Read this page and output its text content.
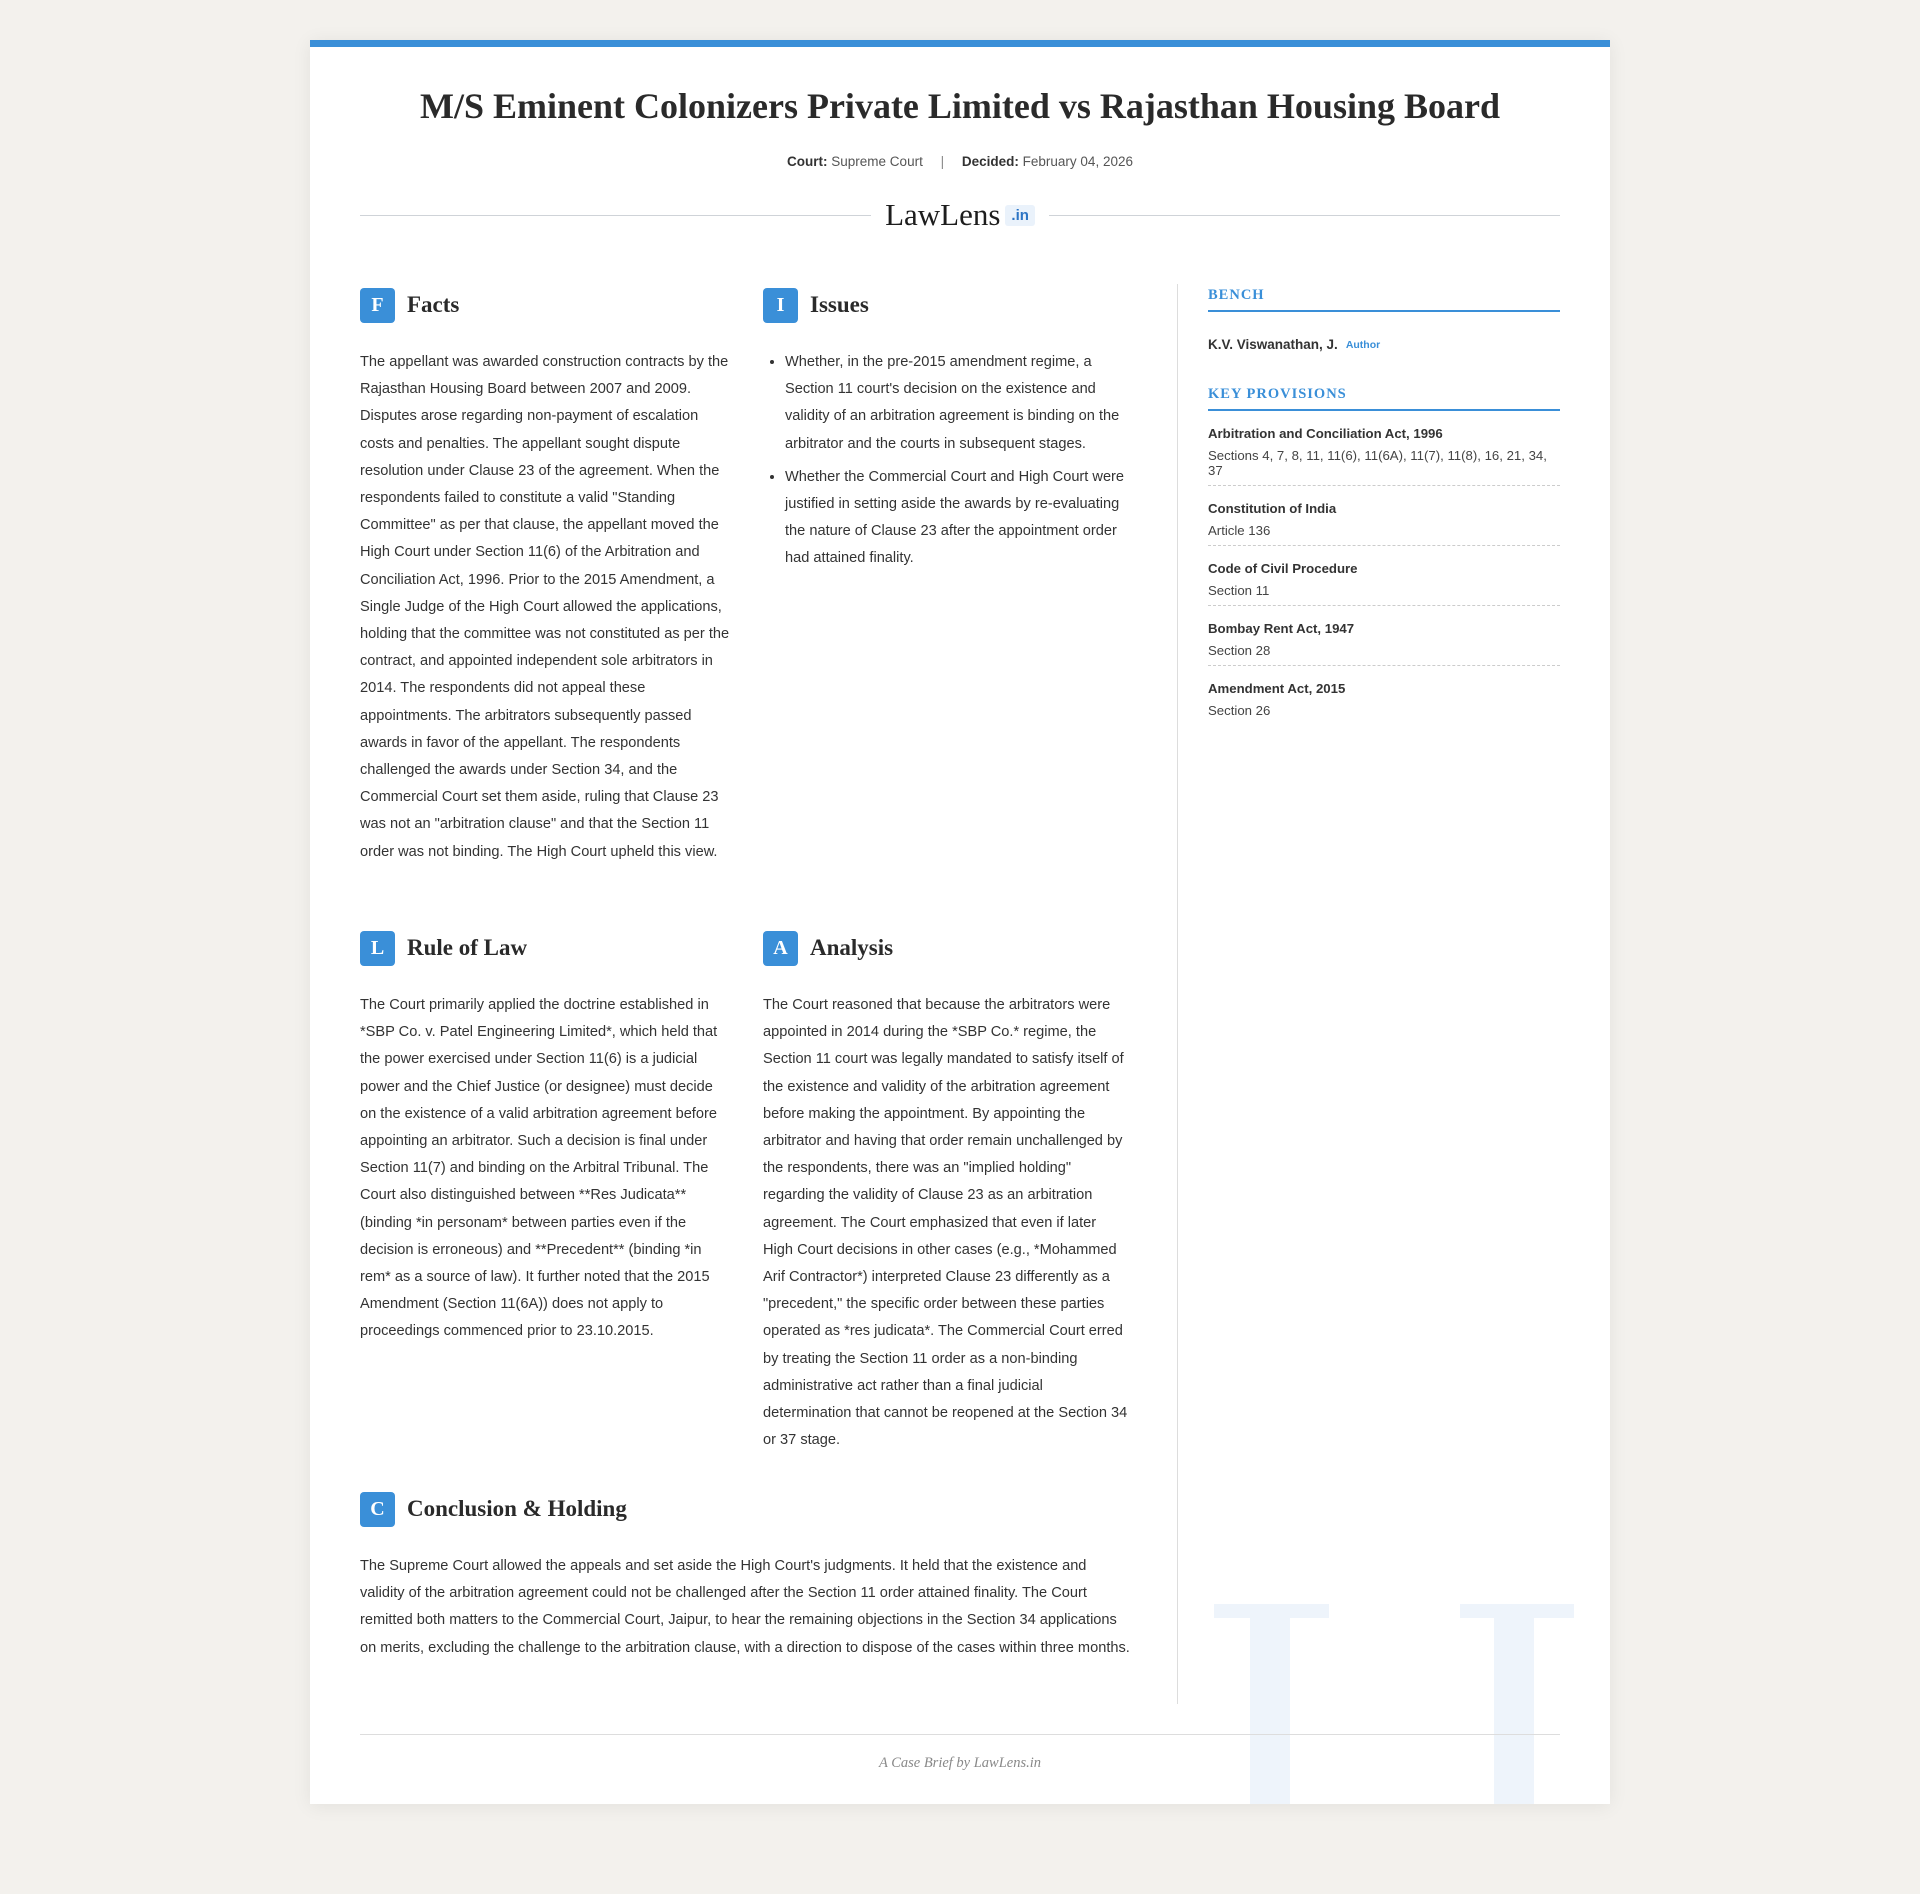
M/S Eminent Colonizers Private Limited vs Rajasthan Housing Board
Court: Supreme Court | Decided: February 04, 2026
LawLens .in
F	Facts
The appellant was awarded construction contracts by the Rajasthan Housing Board between 2007 and 2009. Disputes arose regarding non-payment of escalation costs and penalties. The appellant sought dispute resolution under Clause 23 of the agreement. When the respondents failed to constitute a valid "Standing Committee" as per that clause, the appellant moved the High Court under Section 11(6) of the Arbitration and Conciliation Act, 1996. Prior to the 2015 Amendment, a Single Judge of the High Court allowed the applications, holding that the committee was not constituted as per the contract, and appointed independent sole arbitrators in 2014. The respondents did not appeal these appointments. The arbitrators subsequently passed awards in favor of the appellant. The respondents challenged the awards under Section 34, and the Commercial Court set them aside, ruling that Clause 23 was not an "arbitration clause" and that the Section 11 order was not binding. The High Court upheld this view.
I	Issues
• Whether, in the pre-2015 amendment regime, a Section 11 court's decision on the existence and validity of an arbitration agreement is binding on the arbitrator and the courts in subsequent stages.
• Whether the Commercial Court and High Court were justified in setting aside the awards by re-evaluating the nature of Clause 23 after the appointment order had attained finality.
L Rule of Law
The Court primarily applied the doctrine established in *SBP Co. v. Patel Engineering Limited*, which held that the power exercised under Section 11(6) is a judicial power and the Chief Justice (or designee) must decide on the existence of a valid arbitration agreement before appointing an arbitrator. Such a decision is final under Section 11(7) and binding on the Arbitral Tribunal. The Court also distinguished between **Res Judicata** (binding *in personam* between parties even if the decision is erroneous) and **Precedent** (binding *in rem* as a source of law). It further noted that the 2015 Amendment (Section 11(6A)) does not apply to proceedings commenced prior to 23.10.2015.
A Analysis
The Court reasoned that because the arbitrators were appointed in 2014 during the *SBP Co.* regime, the Section 11 court was legally mandated to satisfy itself of the existence and validity of the arbitration agreement before making the appointment. By appointing the arbitrator and having that order remain unchallenged by the respondents, there was an "implied holding" regarding the validity of Clause 23 as an arbitration agreement. The Court emphasized that even if later High Court decisions in other cases (e.g., *Mohammed Arif Contractor*) interpreted Clause 23 differently as a "precedent," the specific order between these parties operated as *res judicata*. The Commercial Court erred by treating the Section 11 order as a non-binding administrative act rather than a final judicial determination that cannot be reopened at the Section 34 or 37 stage.
C Conclusion & Holding
The Supreme Court allowed the appeals and set aside the High Court's judgments. It held that the existence and validity of the arbitration agreement could not be challenged after the Section 11 order attained finality. The Court remitted both matters to the Commercial Court, Jaipur, to hear the remaining objections in the Section 34 applications on merits, excluding the challenge to the arbitration clause, with a direction to dispose of the cases within three months.
BENCH
K.V. Viswanathan, J. Author
KEY PROVISIONS
Arbitration and Conciliation Act, 1996
Sections 4, 7, 8, 11, 11(6), 11(6A), 11(7), 11(8), 16, 21, 34, 37
Constitution of India
Article 136
Code of Civil Procedure
Section 11
Bombay Rent Act, 1947
Section 28
Amendment Act, 2015
Section 26
A Case Brief by LawLens.in
